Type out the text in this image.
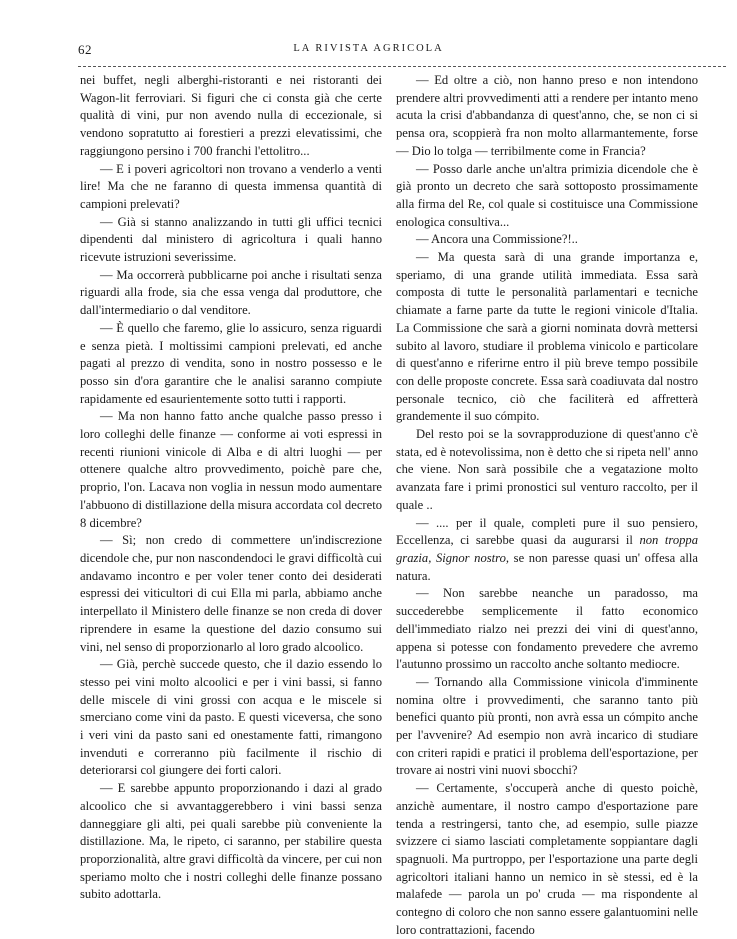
62	LA RIVISTA AGRICOLA

nei buffet, negli alberghi-ristoranti e nei ristoranti dei Wagon-lit ferroviari. Si figuri che ci consta già che certe qualità di vini, pur non avendo nulla di eccezionale, si vendono sopratutto ai forestieri a prezzi elevatissimi, che raggiungono persino i 700 franchi l'ettolitro...

— E i poveri agricoltori non trovano a venderlo a venti lire! Ma che ne faranno di questa immensa quantità di campioni prelevati?

— Già si stanno analizzando in tutti gli uffici tecnici dipendenti dal ministero di agricoltura i quali hanno ricevute istruzioni severissime.

— Ma occorrerà pubblicarne poi anche i risultati senza riguardi alla frode, sia che essa venga dal produttore, che dall'intermediario o dal venditore.

— È quello che faremo, glie lo assicuro, senza riguardi e senza pietà. I moltissimi campioni prelevati, ed anche pagati al prezzo di vendita, sono in nostro possesso e le posso sin d'ora garantire che le analisi saranno compiute rapidamente ed esaurientemente sotto tutti i rapporti.

— Ma non hanno fatto anche qualche passo presso i loro colleghi delle finanze — conforme ai voti espressi in recenti riunioni vinicole di Alba e di altri luoghi — per ottenere qualche altro provvedimento, poichè pare che, proprio, l'on. Lacava non voglia in nessun modo aumentare l'abbuono di distillazione della misura accordata col decreto 8 dicembre?

— Sì; non credo di commettere un'indiscrezione dicendole che, pur non nascondendoci le gravi difficoltà cui andavamo incontro e per voler tener conto dei desiderati espressi dei viticultori di cui Ella mi parla, abbiamo anche interpellato il Ministero delle finanze se non creda di dover riprendere in esame la questione del dazio consumo sui vini, nel senso di proporzionarlo al loro grado alcoolico.

— Già, perchè succede questo, che il dazio essendo lo stesso pei vini molto alcoolici e per i vini bassi, si fanno delle miscele di vini grossi con acqua e le miscele si smerciano come vini da pasto. E questi viceversa, che sono i veri vini da pasto sani ed onestamente fatti, rimangono invenduti e correranno più facilmente il rischio di deteriorarsi col giungere dei forti calori.

— E sarebbe appunto proporzionando i dazi al grado alcoolico che si avvantaggerebbero i vini bassi senza danneggiare gli alti, pei quali sarebbe più conveniente la distillazione. Ma, le ripeto, ci saranno, per stabilire questa proporzionalità, altre gravi difficoltà da vincere, per cui non speriamo molto che i nostri colleghi delle finanze possano subito adottarla.

— Ed oltre a ciò, non hanno preso e non intendono prendere altri provvedimenti atti a rendere per intanto meno acuta la crisi d'abbandanza di quest'anno, che, se non ci si pensa ora, scoppierà fra non molto allarmantemente, forse — Dio lo tolga — terribilmente come in Francia?

— Posso darle anche un'altra primizia dicendole che è già pronto un decreto che sarà sottoposto prossimamente alla firma del Re, col quale si costituisce una Commissione enologica consultiva...

— Ancora una Commissione?!..

— Ma questa sarà di una grande importanza e, speriamo, di una grande utilità immediata. Essa sarà composta di tutte le personalità parlamentari e tecniche chiamate a farne parte da tutte le regioni vinicole d'Italia. La Commissione che sarà a giorni nominata dovrà mettersi subito al lavoro, studiare il problema vinicolo e particolare di quest'anno e riferirne entro il più breve tempo possibile con delle proposte concrete. Essa sarà coadiuvata dal nostro personale tecnico, ciò che faciliterà ed affretterà grandemente il suo cómpito.

Del resto poi se la sovrapproduzione di quest'anno c'è stata, ed è notevolissima, non è detto che si ripeta nell' anno che viene. Non sarà possibile che a vegatazione molto avanzata fare i primi pronostici sul venturo raccolto, per il quale ..

— .... per il quale, completi pure il suo pensiero, Eccellenza, ci sarebbe quasi da augurarsi il non troppa grazia, Signor nostro, se non paresse quasi un' offesa alla natura.

— Non sarebbe neanche un paradosso, ma succederebbe semplicemente il fatto economico dell'immediato rialzo nei prezzi dei vini di quest'anno, appena si potesse con fondamento prevedere che avremo l'autunno prossimo un raccolto anche soltanto mediocre.

— Tornando alla Commissione vinicola d'imminente nomina oltre i provvedimenti, che saranno tanto più benefici quanto più pronti, non avrà essa un cómpito anche per l'avvenire? Ad esempio non avrà incarico di studiare con criteri rapidi e pratici il problema dell'esportazione, per trovare ai nostri vini nuovi sbocchi?

— Certamente, s'occuperà anche di questo poichè, anzichè aumentare, il nostro campo d'esportazione pare tenda a restringersi, tanto che, ad esempio, sulle piazze svizzere ci siamo lasciati completamente soppiantare dagli spagnuoli. Ma purtroppo, per l'esportazione una parte degli agricoltori italiani hanno un nemico in sè stessi, ed è la malafede — parola un po' cruda — ma rispondente al contegno di coloro che non sanno essere galantuomini nelle loro contrattazioni, facendo
